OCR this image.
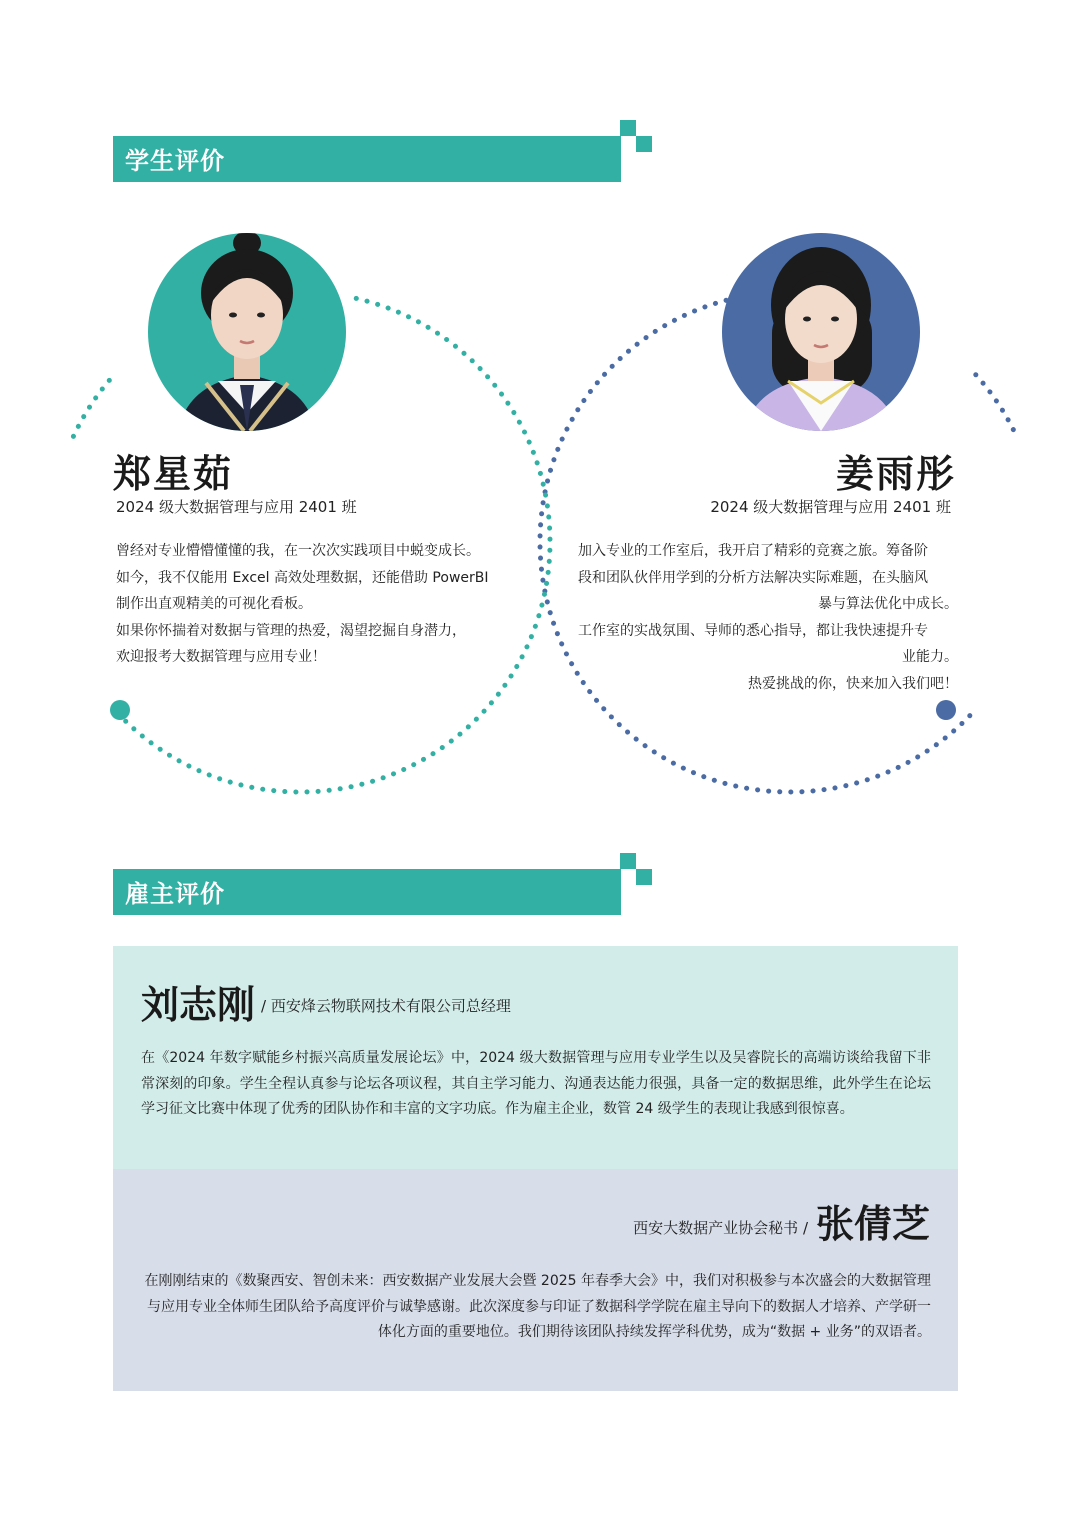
学生评价
郑星茹
2024 级大数据管理与应用 2401 班

曾经对专业懵懵懂懂的我，在一次次实践项目中蜕变成长。

如今，我不仅能用 Excel 高效处理数据，还能借助 PowerBI

制作出直观精美的可视化看板。

如果你怀揣着对数据与管理的热爱，渴望挖掘自身潜力，

欢迎报考大数据管理与应用专业！

姜雨彤
2024 级大数据管理与应用 2401 班

加入专业的工作室后，我开启了精彩的竞赛之旅。筹备阶

段和团队伙伴用学到的分析方法解决实际难题，在头脑风

暴与算法优化中成长。

工作室的实战氛围、导师的悉心指导，都让我快速提升专

业能力。

热爱挑战的你，快来加入我们吧！

雇主评价
刘志刚 / 西安烽云物联网技术有限公司总经理
在《2024 年数字赋能乡村振兴高质量发展论坛》中，2024 级大数据管理与应用专业学生以及吴睿院长的高端访谈给我留下非常深刻的印象。学生全程认真参与论坛各项议程，其自主学习能力、沟通表达能力很强，具备一定的数据思维，此外学生在论坛学习征文比赛中体现了优秀的团队协作和丰富的文字功底。作为雇主企业，数管 24 级学生的表现让我感到很惊喜。
西安大数据产业协会秘书 / 张倩芝
在刚刚结束的《数聚西安、智创未来：西安数据产业发展大会暨 2025 年春季大会》中，我们对积极参与本次盛会的大数据管理与应用专业全体师生团队给予高度评价与诚挚感谢。此次深度参与印证了数据科学学院在雇主导向下的数据人才培养、产学研一体化方面的重要地位。我们期待该团队持续发挥学科优势，成为“数据 + 业务”的双语者。
